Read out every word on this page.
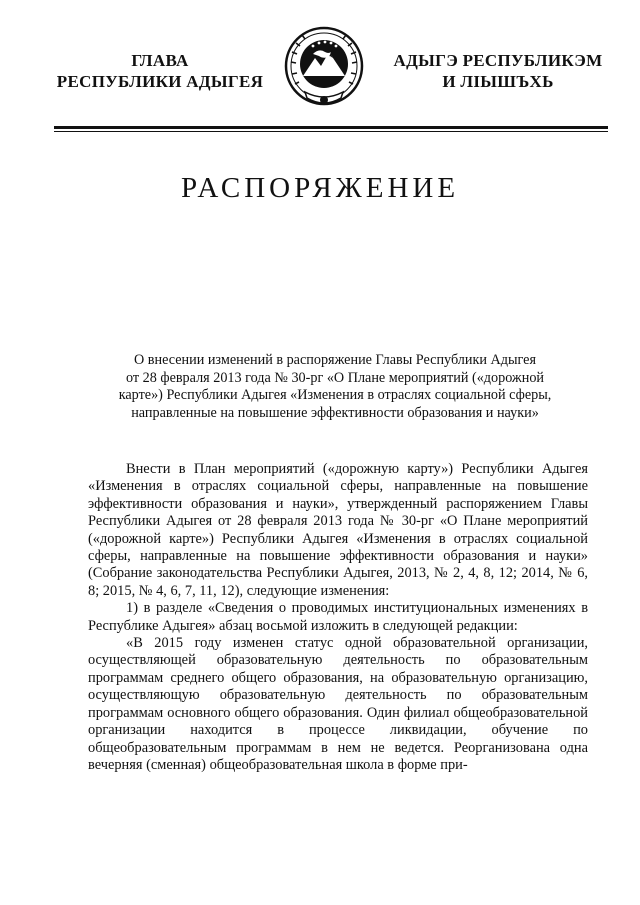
ГЛАВА
РЕСПУБЛИКИ АДЫГЕЯ
АДЫГЭ РЕСПУБЛИКЭМ
И ЛІЫШЪХЬ
РАСПОРЯЖЕНИЕ
О внесении изменений в распоряжение Главы Республики Адыгея
от 28 февраля 2013 года № 30-рг «О Плане мероприятий («дорожной
карте») Республики Адыгея «Изменения в отраслях социальной сферы,
направленные на повышение эффективности образования и науки»

Внести в План мероприятий («дорожную карту») Республики Адыгея «Изменения в отраслях социальной сферы, направленные на повышение эффективности образования и науки», утвержденный распоряжением Главы Республики Адыгея от 28 февраля 2013 года № 30-рг «О Плане мероприятий («дорожной карте») Республики Адыгея «Изменения в отраслях социальной сферы, направленные на повышение эффективности образования и науки» (Собрание законодательства Республики Адыгея, 2013, № 2, 4, 8, 12; 2014, № 6, 8; 2015, № 4, 6, 7, 11, 12), следующие изменения:

1) в разделе «Сведения о проводимых институциональных изменениях в Республике Адыгея» абзац восьмой изложить в следующей редакции:

«В 2015 году изменен статус одной образовательной организации, осуществляющей образовательную деятельность по образовательным программам среднего общего образования, на образовательную организацию, осуществляющую образовательную деятельность по образовательным программам основного общего образования. Один филиал общеобразовательной организации находится в процессе ликвидации, обучение по общеобразовательным программам в нем не ведется. Реорганизована одна вечерняя (сменная) общеобразовательная школа в форме при-
